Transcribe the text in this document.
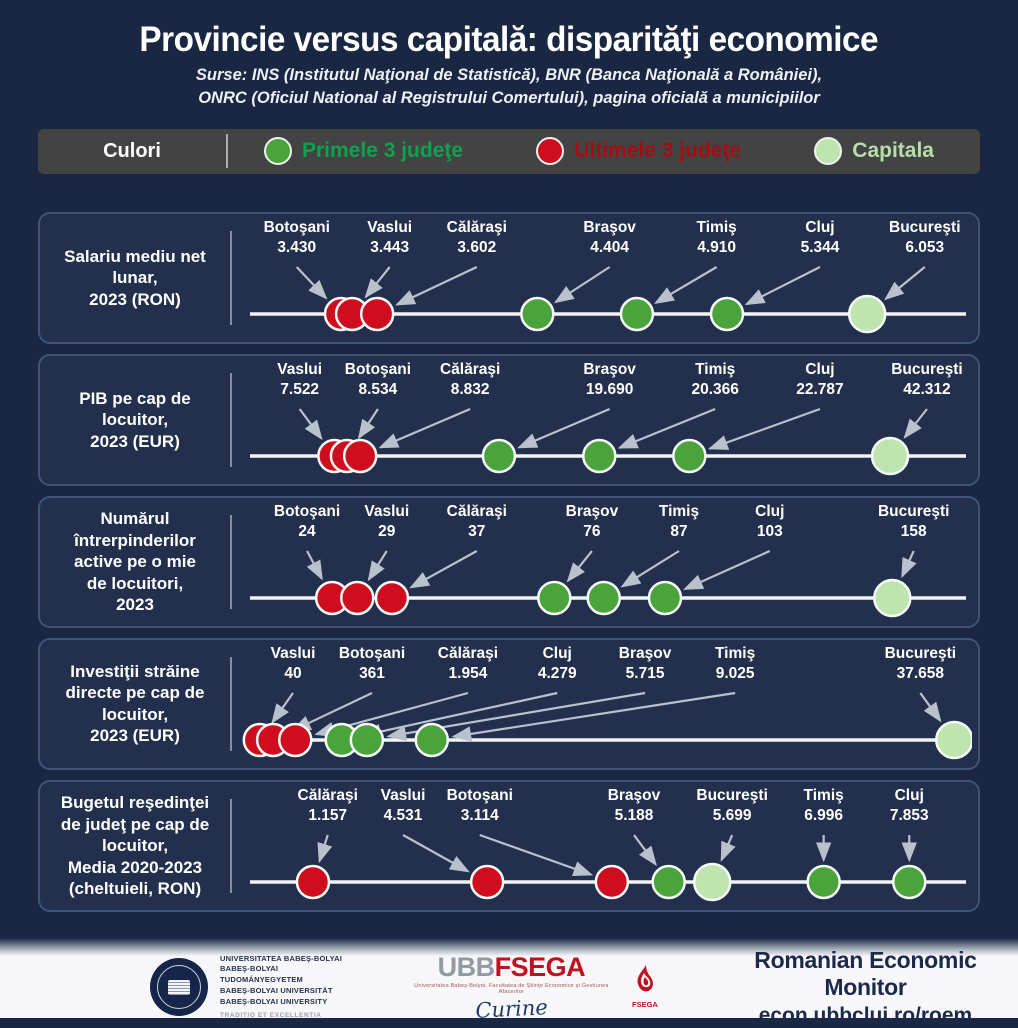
Provincie versus capitală: disparităţi economice
Surse: INS (Institutul Naţional de Statistică), BNR (Banca Naţională a României),
ONRC (Oficiul National al Registrului Comertului), pagina oficială a municipiilor
Culori	Primele 3 judeţe	Ultimele 3 judeţe	Capitala
Salariu mediu net
lunar,
2023 (RON)
Botoşani
3.430
Vaslui
3.443
Călăraşi
3.602
Braşov
4.404
Timiş
4.910
Cluj
5.344
Bucureşti
6.053
PIB pe cap de
locuitor,
2023 (EUR)
Vaslui
7.522
Botoşani
8.534
Călăraşi
8.832
Braşov
19.690
Timiş
20.366
Cluj
22.787
Bucureşti
42.312
Numărul
întrerpinderilor
active pe o mie
de locuitori,
2023
Botoşani
24
Vaslui
29
Călăraşi
37
Braşov
76
Timiş
87
Cluj
103
Bucureşti
158
Investiţii străine
directe pe cap de
locuitor,
2023 (EUR)
Vaslui
40
Botoşani
361
Călăraşi
1.954
Cluj
4.279
Braşov
5.715
Timiş
9.025
Bucureşti
37.658
Bugetul reşedinţei
de judeţ pe cap de
locuitor,
Media 2020-2023
(cheltuieli, RON)
Călăraşi
1.157
Vaslui
4.531
Botoşani
3.114
Braşov
5.188
Bucureşti
5.699
Timiş
6.996
Cluj
7.853
UNIVERSITATEA BABEŞ-BOLYAI
BABEŞ-BOLYAI TUDOMÁNYEGYETEM
BABEŞ-BOLYAI UNIVERSITÄT
BABEŞ-BOLYAI UNIVERSITY
TRADITIO ET EXCELLENTIA
UBBFSEGA
Universitatea Babeş-Bolyai, Facultatea de Ştiinţe Economice şi Gestiunea Afacerilor
Curine	FSEGA
Romanian Economic Monitor
econ.ubbcluj.ro/roem
